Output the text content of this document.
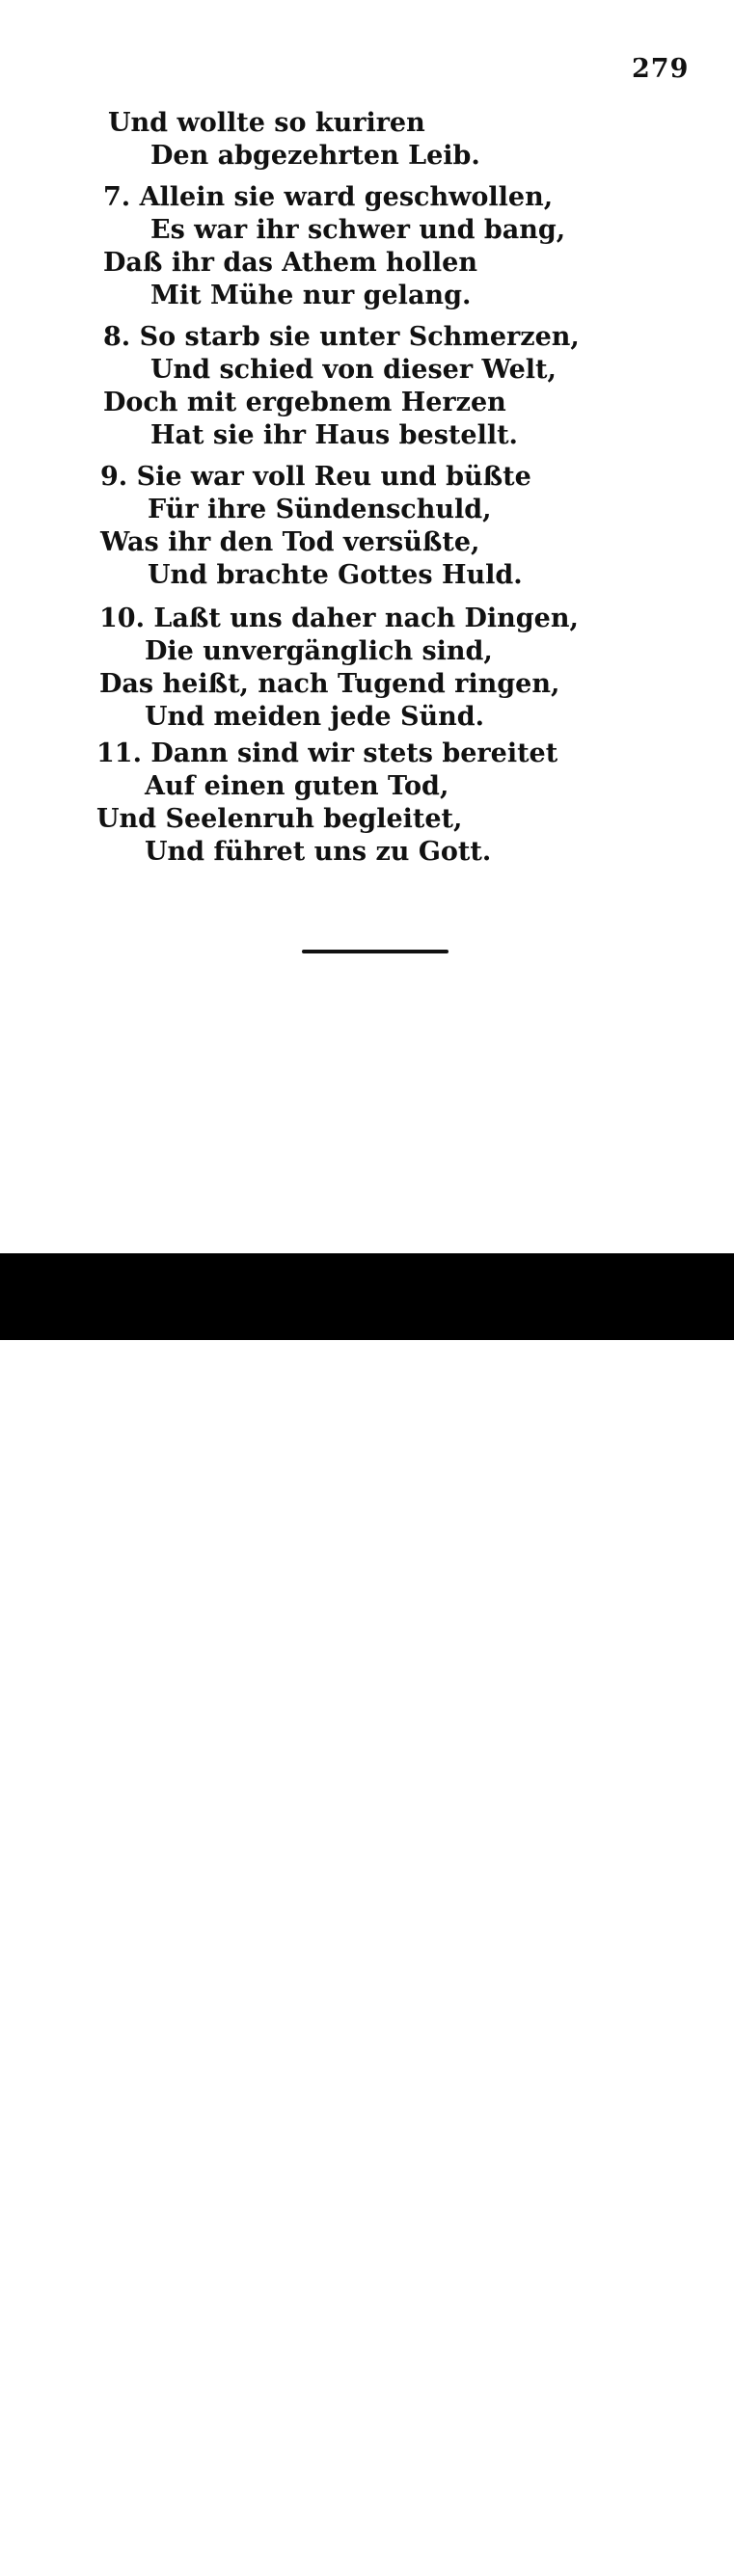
279
Und wollte so kuriren
Den abgezehrten Leib.
7. Allein sie ward geschwollen,
Es war ihr schwer und bang,
Daß ihr das Athem hollen
Mit Mühe nur gelang.
8. So starb sie unter Schmerzen,
Und schied von dieser Welt,
Doch mit ergebnem Herzen
Hat sie ihr Haus bestellt.
9. Sie war voll Reu und büßte
Für ihre Sündenschuld,
Was ihr den Tod versüßte,
Und brachte Gottes Huld.
10. Laßt uns daher nach Dingen,
Die unvergänglich sind,
Das heißt, nach Tugend ringen,
Und meiden jede Sünd.
11. Dann sind wir stets bereitet
Auf einen guten Tod,
Und Seelenruh begleitet,
Und führet uns zu Gott.
alamy	JHCTAX
www.alamy.com
